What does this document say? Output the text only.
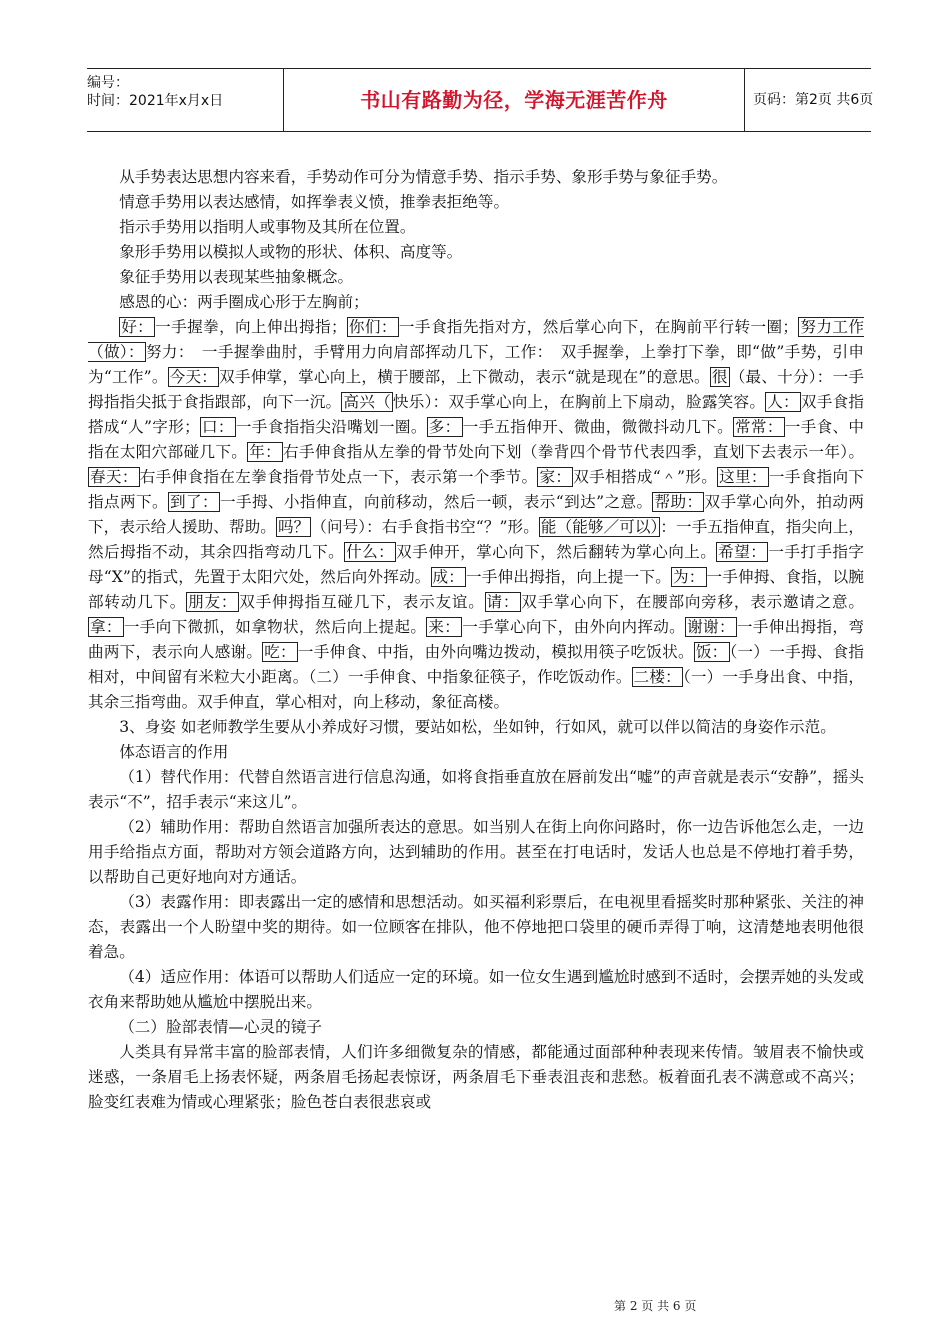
编号：
时间：2021年x月x日	书山有路勤为径，学海无涯苦作舟	页码：第2页 共6页

从手势表达思想内容来看，手势动作可分为情意手势、指示手势、象形手势与象征手势。

情意手势用以表达感情，如挥拳表义愤，推拳表拒绝等。

指示手势用以指明人或事物及其所在位置。

象形手势用以模拟人或物的形状、体积、高度等。

象征手势用以表现某些抽象概念。

感恩的心：两手圈成心形于左胸前；

好： 一手握拳，向上伸出拇指； 你们： 一手食指先指对方，然后掌心向下，在胸前平行转一圈； 努力工作（做）： 努力：　一手握拳曲肘，手臂用力向肩部挥动几下，工作：　双手握拳，上拳打下拳，即“做”手势，引申为“工作”。 今天： 双手伸掌，掌心向上，横于腰部，上下微动，表示“就是现在”的意思。 很 （最、十分）：一手拇指指尖抵于食指跟部，向下一沉。 高兴（ 快乐）：双手掌心向上，在胸前上下扇动，脸露笑容。 人： 双手食指搭成“人”字形； 口： 一手食指指尖沿嘴划一圈。 多： 一手五指伸开、微曲，微微抖动几下。 常常： 一手食、中指在太阳穴部碰几下。 年： 右手伸食指从左拳的骨节处向下划（拳背四个骨节代表四季，直划下去表示一年）。春天： 右手伸食指在左拳食指骨节处点一下，表示第一个季节。 家： 双手相搭成“＾”形。 这里： 一手食指向下指点两下。 到了： 一手拇、小指伸直，向前移动，然后一顿，表示“到达”之意。 帮助： 双手掌心向外，拍动两下，表示给人援助、帮助。 吗？ （问号）：右手食指书空“？”形。 能（能够／可以） ：一手五指伸直，指尖向上，然后拇指不动，其余四指弯动几下。 什么： 双手伸开，掌心向下，然后翻转为掌心向上。 希望： 一手打手指字母“X”的指式，先置于太阳穴处，然后向外挥动。 成： 一手伸出拇指，向上提一下。 为： 一手伸拇、食指，以腕部转动几下。 朋友： 双手伸拇指互碰几下，表示友谊。 请： 双手掌心向下，在腰部向旁移，表示邀请之意。拿： 一手向下微抓，如拿物状，然后向上提起。 来： 一手掌心向下，由外向内挥动。 谢谢： 一手伸出拇指，弯曲两下，表示向人感谢。 吃： 一手伸食、中指，由外向嘴边拨动，模拟用筷子吃饭状。 饭： （一）一手拇、食指相对，中间留有米粒大小距离。（二）一手伸食、中指象征筷子，作吃饭动作。 二楼： （一）一手身出食、中指，其余三指弯曲。双手伸直，掌心相对，向上移动，象征高楼。

3、身姿 如老师教学生要从小养成好习惯，要站如松，坐如钟，行如风，就可以伴以简洁的身姿作示范。

体态语言的作用

（1）替代作用：代替自然语言进行信息沟通，如将食指垂直放在唇前发出“嘘”的声音就是表示“安静”，摇头表示“不”，招手表示“来这儿”。

（2）辅助作用：帮助自然语言加强所表达的意思。如当别人在街上向你问路时，你一边告诉他怎么走，一边用手给指点方面，帮助对方领会道路方向，达到辅助的作用。甚至在打电话时，发话人也总是不停地打着手势，以帮助自己更好地向对方通话。

（3）表露作用：即表露出一定的感情和思想活动。如买福利彩票后，在电视里看摇奖时那种紧张、关注的神态，表露出一个人盼望中奖的期待。如一位顾客在排队，他不停地把口袋里的硬币弄得丁响，这清楚地表明他很着急。

（4）适应作用：体语可以帮助人们适应一定的环境。如一位女生遇到尴尬时感到不适时，会摆弄她的头发或衣角来帮助她从尴尬中摆脱出来。

（二）脸部表情—心灵的镜子

人类具有异常丰富的脸部表情，人们许多细微复杂的情感，都能通过面部种种表现来传情。皱眉表不愉快或迷惑，一条眉毛上扬表怀疑，两条眉毛扬起表惊讶，两条眉毛下垂表沮丧和悲愁。板着面孔表不满意或不高兴；脸变红表难为情或心理紧张；脸色苍白表很悲哀或

第 2 页 共 6 页
